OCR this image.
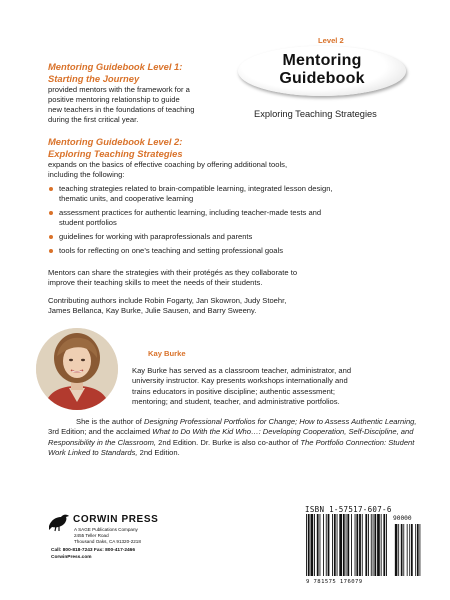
Level 2
Mentoring
Guidebook
Exploring Teaching Strategies
Mentoring Guidebook Level 1:
Starting the Journey
provided mentors with the framework for a
positive mentoring relationship to guide
new teachers in the foundations of teaching
during the first critical year.
Mentoring Guidebook Level 2:
Exploring Teaching Strategies
expands on the basics of effective coaching by offering additional tools,
including the following:
teaching strategies related to brain-compatible learning, integrated lesson design,
thematic units, and cooperative learning
assessment practices for authentic learning, including teacher-made tests and
student portfolios
guidelines for working with paraprofessionals and parents
tools for reflecting on one’s teaching and setting professional goals
Mentors can share the strategies with their protégés as they collaborate to
improve their teaching skills to meet the needs of their students.
Contributing authors include Robin Fogarty, Jan Skowron, Judy Stoehr,
James Bellanca, Kay Burke, Julie Sausen, and Barry Sweeny.
Kay Burke
Kay Burke has served as a classroom teacher, administrator, and
university instructor. Kay presents workshops internationally and
trains educators in positive discipline; authentic assessment;
mentoring; and student, teacher, and administrative portfolios.

She is the author of Designing Professional Portfolios for Change; How to Assess Authentic Learning, 3rd Edition; and the acclaimed What to Do With the Kid Who…: Developing Cooperation, Self-Discipline, and Responsibility in the Classroom, 2nd Edition. Dr. Burke is also co-author of The Portfolio Connection: Student Work Linked to Standards, 2nd Edition.

CORWIN PRESS
A SAGE Publications Company
2455 Teller Road
Thousand Oaks, CA 91320-2218
Call: 800-818-7243 Fax: 800-417-2466
CorwinPress.com
ISBN 1-57517-607-6
90000
9 781575 176079
